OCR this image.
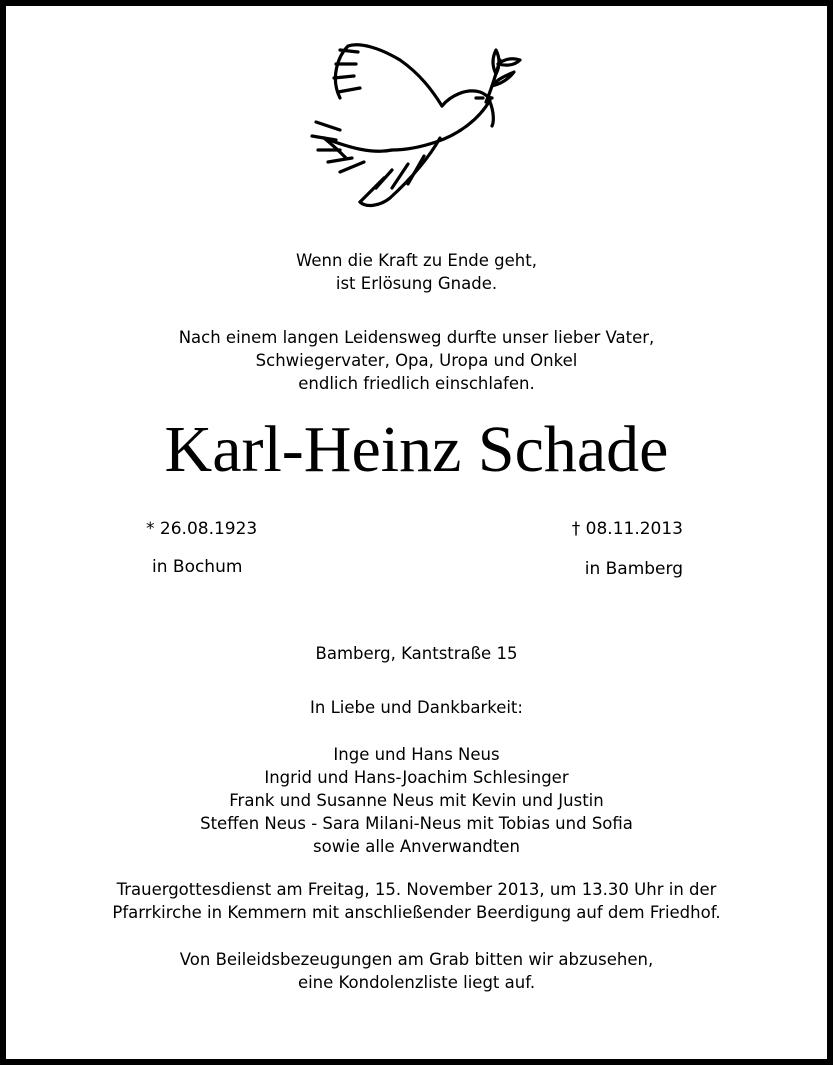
Wenn die Kraft zu Ende geht,
ist Erlösung Gnade.
Nach einem langen Leidensweg durfte unser lieber Vater,
Schwiegervater, Opa, Uropa und Onkel
endlich friedlich einschlafen.
Karl-Heinz Schade
* 26.08.1923
in Bochum
† 08.11.2013
in Bamberg
Bamberg, Kantstraße 15
In Liebe und Dankbarkeit:
Inge und Hans Neus
Ingrid und Hans-Joachim Schlesinger
Frank und Susanne Neus mit Kevin und Justin
Steffen Neus - Sara Milani-Neus mit Tobias und Sofia
sowie alle Anverwandten
Trauergottesdienst am Freitag, 15. November 2013, um 13.30 Uhr in der
Pfarrkirche in Kemmern mit anschließender Beerdigung auf dem Friedhof.
Von Beileidsbezeugungen am Grab bitten wir abzusehen,
eine Kondolenzliste liegt auf.
